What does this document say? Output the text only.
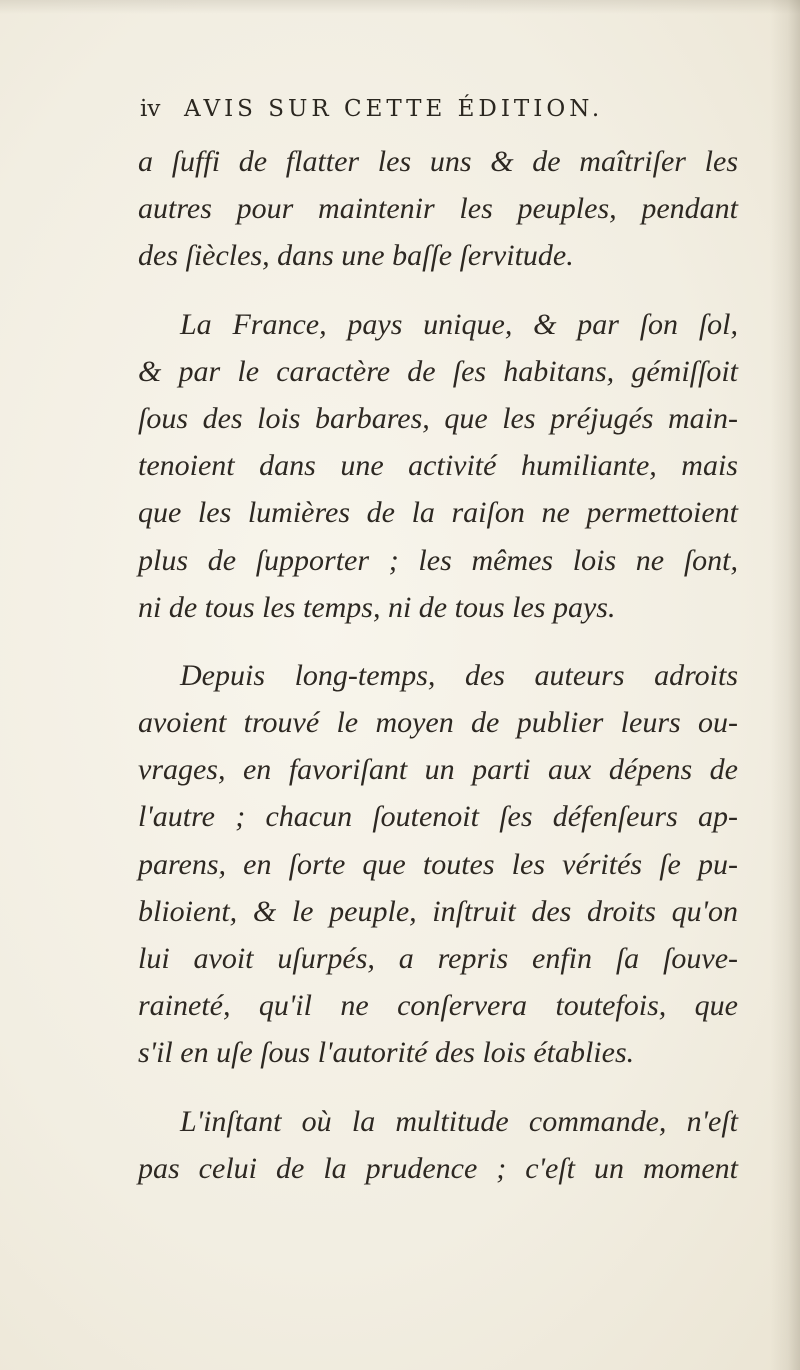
iv AVIS SUR CETTE ÉDITION.
a ſuffi de flatter les uns & de maîtriſer les
autres pour maintenir les peuples, pendant
des ſiècles, dans une baſſe ſervitude.
La France, pays unique, & par ſon ſol,
& par le caractère de ſes habitans, gémiſſoit
ſous des lois barbares, que les préjugés main-
tenoient dans une activité humiliante, mais
que les lumières de la raiſon ne permettoient
plus de ſupporter ; les mêmes lois ne ſont,
ni de tous les temps, ni de tous les pays.
Depuis long-temps, des auteurs adroits
avoient trouvé le moyen de publier leurs ou-
vrages, en favoriſant un parti aux dépens de
l'autre ; chacun ſoutenoit ſes défenſeurs ap-
parens, en ſorte que toutes les vérités ſe pu-
blioient, & le peuple, inſtruit des droits qu'on
lui avoit uſurpés, a repris enfin ſa ſouve-
raineté, qu'il ne conſervera toutefois, que
s'il en uſe ſous l'autorité des lois établies.
L'inſtant où la multitude commande, n'eſt
pas celui de la prudence ; c'eſt un moment
